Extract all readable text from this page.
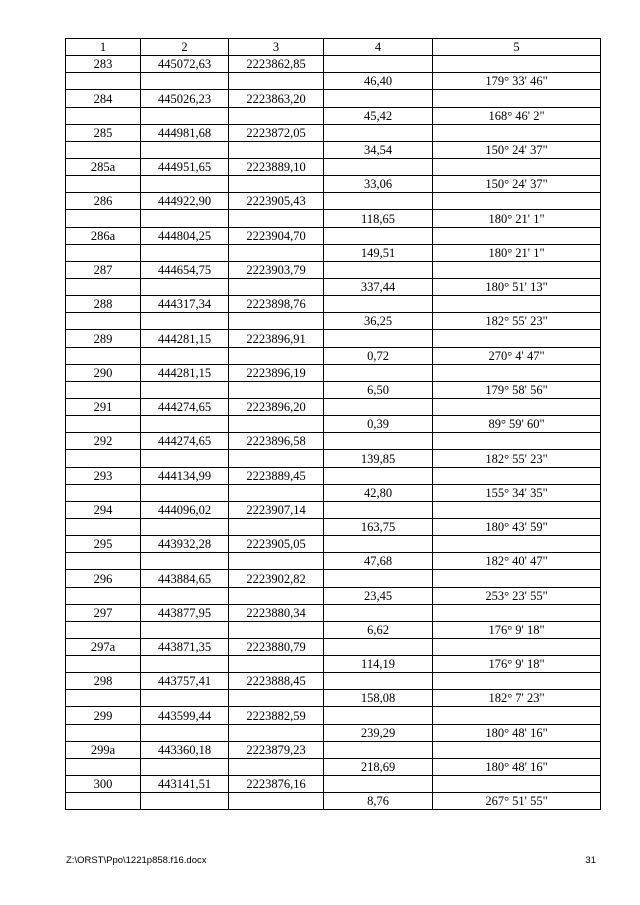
1	2	3	4	5
283	445072,63	2223862,85		
			46,40	179° 33' 46"
284	445026,23	2223863,20		
			45,42	168° 46' 2"
285	444981,68	2223872,05		
			34,54	150° 24' 37"
285a	444951,65	2223889,10		
			33,06	150° 24' 37"
286	444922,90	2223905,43		
			118,65	180° 21' 1"
286a	444804,25	2223904,70		
			149,51	180° 21' 1"
287	444654,75	2223903,79		
			337,44	180° 51' 13"
288	444317,34	2223898,76		
			36,25	182° 55' 23"
289	444281,15	2223896,91		
			0,72	270° 4' 47"
290	444281,15	2223896,19		
			6,50	179° 58' 56"
291	444274,65	2223896,20		
			0,39	89° 59' 60"
292	444274,65	2223896,58		
			139,85	182° 55' 23"
293	444134,99	2223889,45		
			42,80	155° 34' 35"
294	444096,02	2223907,14		
			163,75	180° 43' 59"
295	443932,28	2223905,05		
			47,68	182° 40' 47"
296	443884,65	2223902,82		
			23,45	253° 23' 55"
297	443877,95	2223880,34		
			6,62	176° 9' 18"
297a	443871,35	2223880,79		
			114,19	176° 9' 18"
298	443757,41	2223888,45		
			158,08	182° 7' 23"
299	443599,44	2223882,59		
			239,29	180° 48' 16"
299a	443360,18	2223879,23		
			218,69	180° 48' 16"
300	443141,51	2223876,16		
			8,76	267° 51' 55"
Z:\ORST\Ppo\1221p858.f16.docx	31
